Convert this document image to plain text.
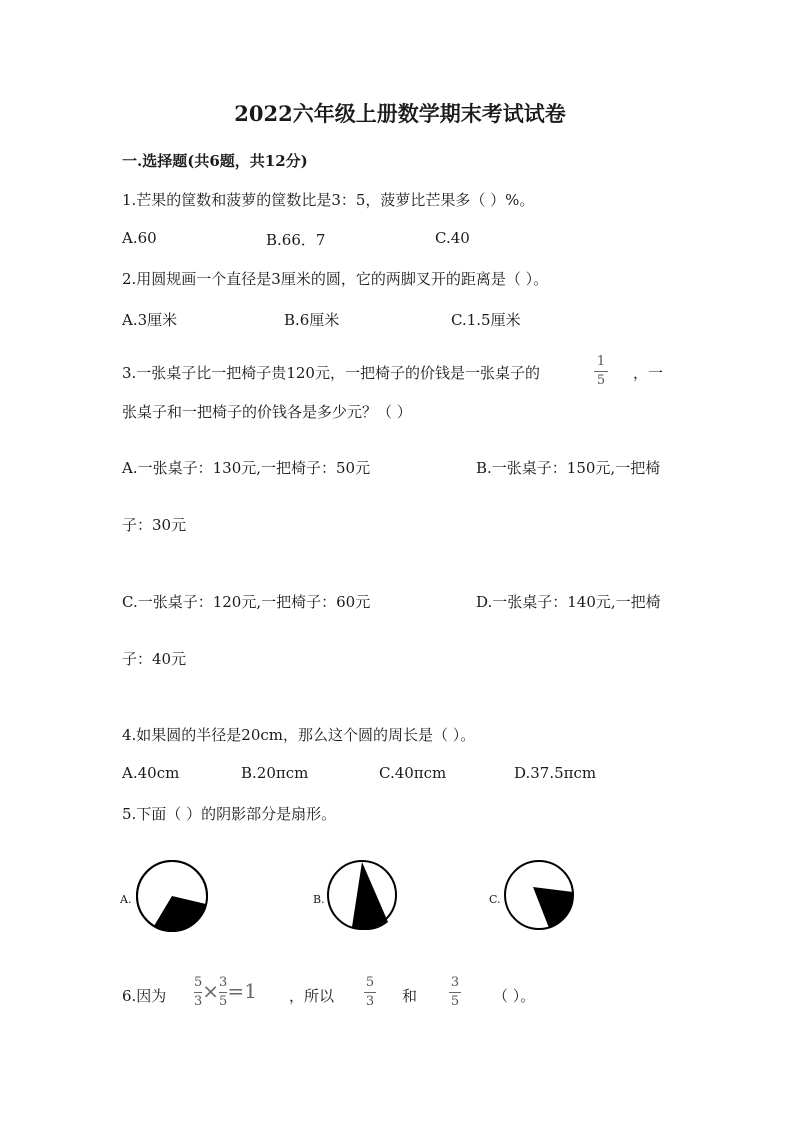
2022六年级上册数学期末考试试卷
一.选择题(共6题，共12分)
1.芒果的筐数和菠萝的筐数比是3：5，菠萝比芒果多（ ）%。
A.60	B.66．7	C.40
2.用圆规画一个直径是3厘米的圆，它的两脚叉开的距离是（ ）。
A.3厘米	B.6厘米	C.1.5厘米
3.一张桌子比一把椅子贵120元，一把椅子的价钱是一张桌子的
1
5 ，一
张桌子和一把椅子的价钱各是多少元？（ ）
A.一张桌子：130元,一把椅子：50元	B.一张桌子：150元,一把椅
子：30元
C.一张桌子：120元,一把椅子：60元	D.一张桌子：140元,一把椅
子：40元
4.如果圆的半径是20cm，那么这个圆的周长是（ ）。
A.40cm	B.20πcm	C.40πcm	D.37.5πcm
5.下面（ ）的阴影部分是扇形。
A.	B.	C.
6.因为 $\frac{5}{3} \times \frac{3}{5} =1$ ，所以
5
3 和
3
5 （ ）。
